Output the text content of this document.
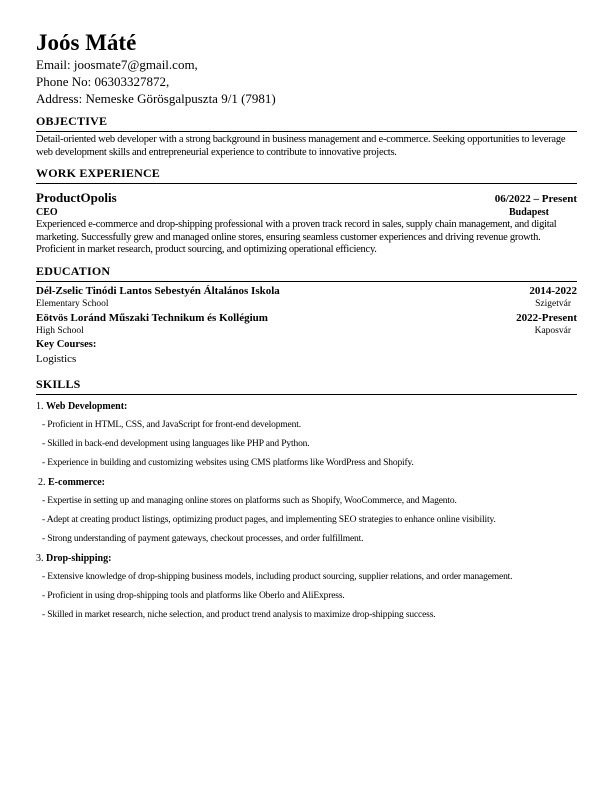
Joós Máté
Email: joosmate7@gmail.com,
Phone No: 06303327872,
Address: Nemeske Görösgalpuszta 9/1 (7981)
OBJECTIVE
Detail-oriented web developer with a strong background in business management and e-commerce. Seeking opportunities to leverage web development skills and entrepreneurial experience to contribute to innovative projects.
WORK EXPERIENCE
ProductOpolis	06/2022 – Present
CEO	Budapest
Experienced e-commerce and drop-shipping professional with a proven track record in sales, supply chain management, and digital marketing. Successfully grew and managed online stores, ensuring seamless customer experiences and driving revenue growth. Proficient in market research, product sourcing, and optimizing operational efficiency.
EDUCATION
Dél-Zselic Tinódi Lantos Sebestyén Általános Iskola	2014-2022
Elementary School	Szigetvár
Eötvös Loránd Műszaki Technikum és Kollégium	2022-Present
High School	Kaposvár
Key Courses:
Logistics
SKILLS
1. Web Development:
- Proficient in HTML, CSS, and JavaScript for front-end development.
- Skilled in back-end development using languages like PHP and Python.
- Experience in building and customizing websites using CMS platforms like WordPress and Shopify.
2. E-commerce:
- Expertise in setting up and managing online stores on platforms such as Shopify, WooCommerce, and Magento.
- Adept at creating product listings, optimizing product pages, and implementing SEO strategies to enhance online visibility.
- Strong understanding of payment gateways, checkout processes, and order fulfillment.
3. Drop-shipping:
- Extensive knowledge of drop-shipping business models, including product sourcing, supplier relations, and order management.
- Proficient in using drop-shipping tools and platforms like Oberlo and AliExpress.
- Skilled in market research, niche selection, and product trend analysis to maximize drop-shipping success.
